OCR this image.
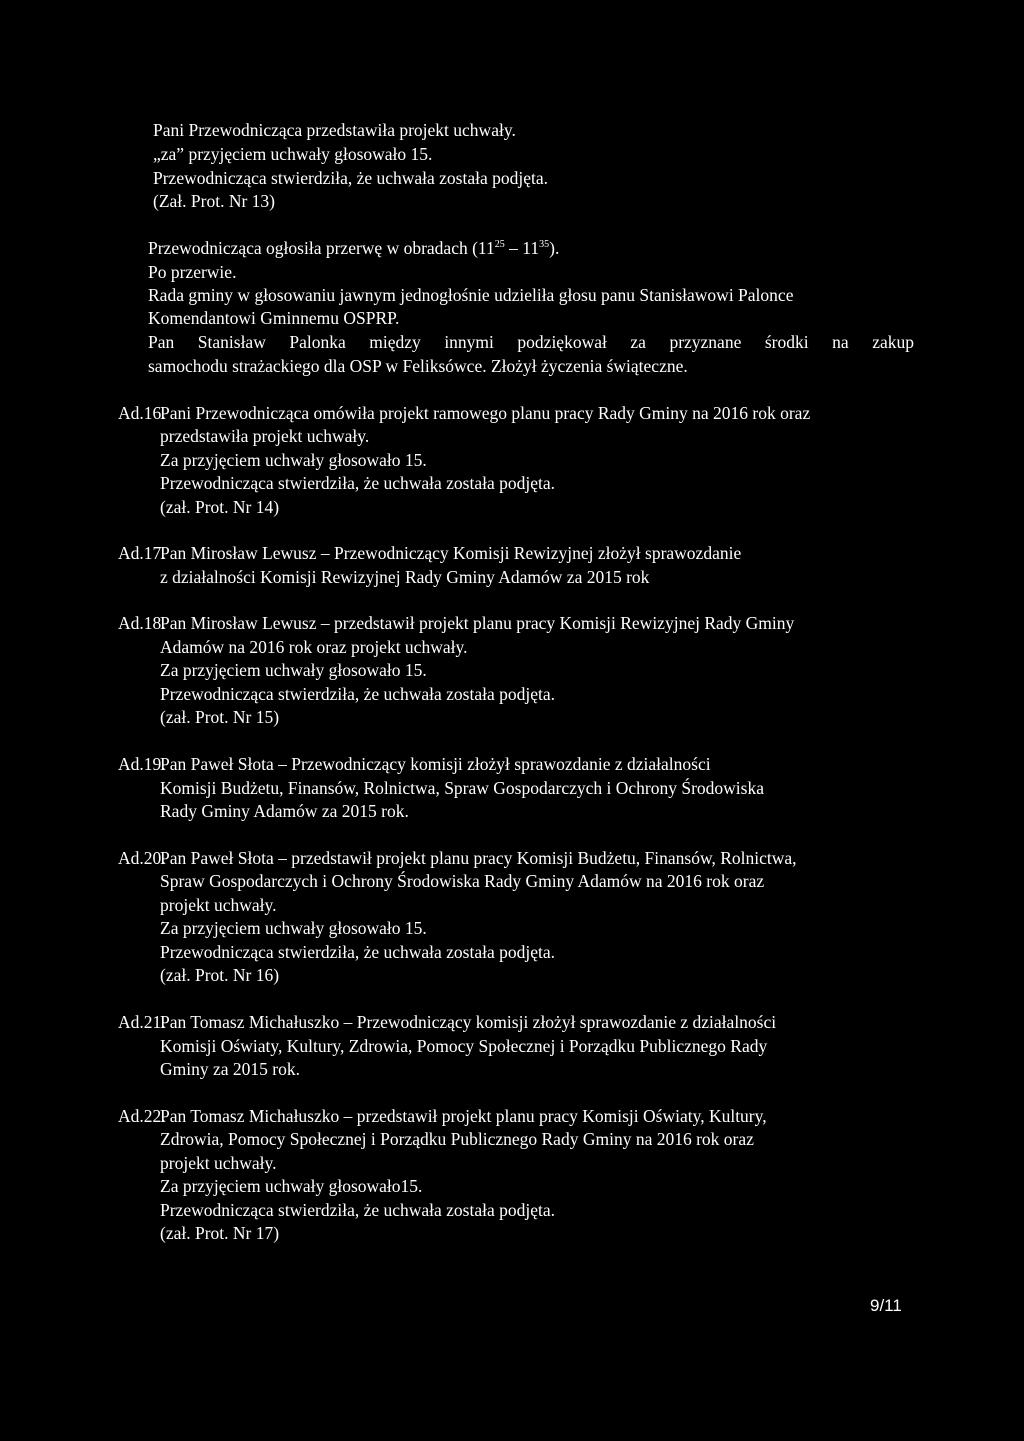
Pani Przewodnicząca przedstawiła projekt uchwały.
„za” przyjęciem uchwały głosowało 15.
Przewodnicząca stwierdziła, że uchwała została podjęta.
(Zał. Prot. Nr 13)
Przewodnicząca ogłosiła przerwę w obradach $(11^{25} - 11^{35})$.
Po przerwie.
Rada gminy w głosowaniu jawnym jednogłośnie udzieliła głosu panu Stanisławowi Palonce
Komendantowi Gminnemu OSPRP.
Pan Stanisław Palonka między innymi podziękował za przyznane środki na zakup
samochodu strażackiego dla OSP w Feliksówce. Złożył życzenia świąteczne.
Ad.16.
Pani Przewodnicząca omówiła projekt ramowego planu pracy Rady Gminy na 2016 rok oraz
przedstawiła projekt uchwały.
Za przyjęciem uchwały głosowało 15.
Przewodnicząca stwierdziła, że uchwała została podjęta.
(zał. Prot. Nr 14)
Ad.17.
Pan Mirosław Lewusz – Przewodniczący Komisji Rewizyjnej złożył sprawozdanie
z działalności Komisji Rewizyjnej Rady Gminy Adamów za 2015 rok
Ad.18.
Pan Mirosław Lewusz – przedstawił projekt planu pracy Komisji Rewizyjnej Rady Gminy
Adamów na 2016 rok oraz projekt uchwały.
Za przyjęciem uchwały głosowało 15.
Przewodnicząca stwierdziła, że uchwała została podjęta.
(zał. Prot. Nr 15)
Ad.19.
Pan Paweł Słota – Przewodniczący komisji złożył sprawozdanie z działalności
Komisji Budżetu, Finansów, Rolnictwa, Spraw Gospodarczych i Ochrony Środowiska
Rady Gminy Adamów za 2015 rok.
Ad.20.
Pan Paweł Słota – przedstawił projekt planu pracy Komisji Budżetu, Finansów, Rolnictwa,
Spraw Gospodarczych i Ochrony Środowiska Rady Gminy Adamów na 2016 rok oraz
projekt uchwały.
Za przyjęciem uchwały głosowało 15.
Przewodnicząca stwierdziła, że uchwała została podjęta.
(zał. Prot. Nr 16)
Ad.21.
Pan Tomasz Michałuszko – Przewodniczący komisji złożył sprawozdanie z działalności
Komisji Oświaty, Kultury, Zdrowia, Pomocy Społecznej i Porządku Publicznego Rady
Gminy za 2015 rok.
Ad.22.
Pan Tomasz Michałuszko – przedstawił projekt planu pracy Komisji Oświaty, Kultury,
Zdrowia, Pomocy Społecznej i Porządku Publicznego Rady Gminy na 2016 rok oraz
projekt uchwały.
Za przyjęciem uchwały głosowało15.
Przewodnicząca stwierdziła, że uchwała została podjęta.
(zał. Prot. Nr 17)
9/11
